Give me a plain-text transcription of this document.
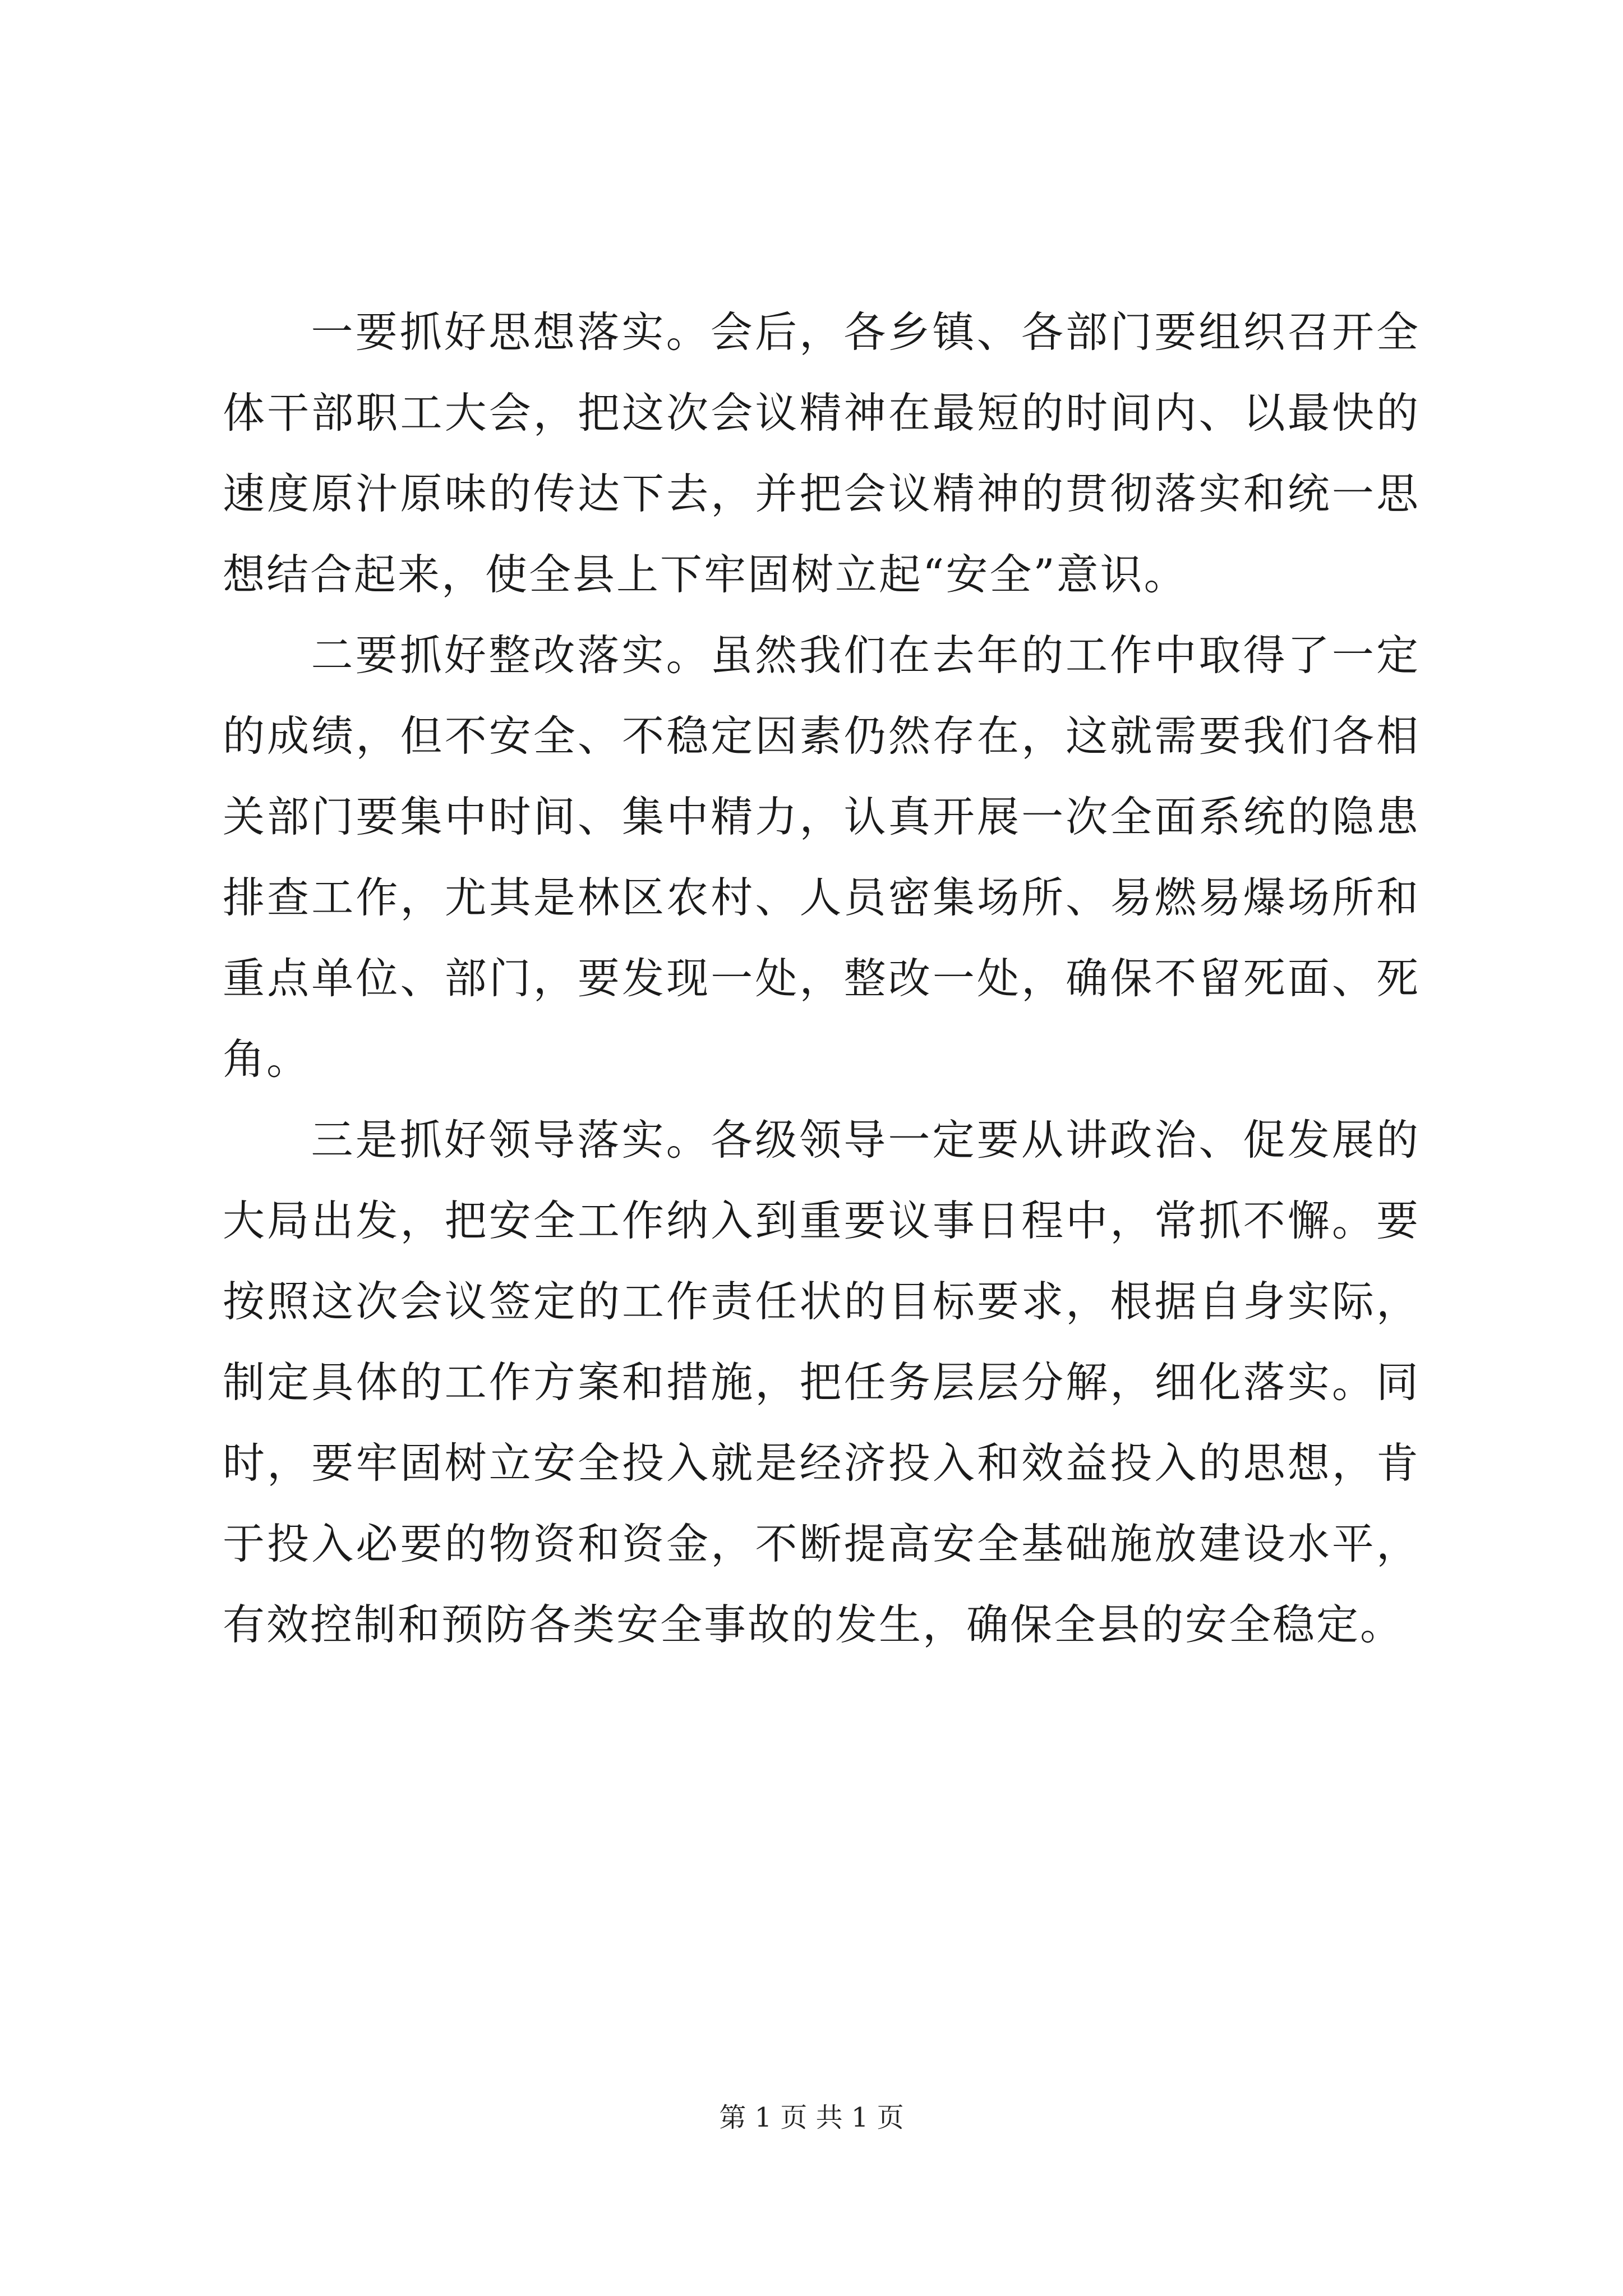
一要抓好思想落实。会后，各乡镇、各部门要组织召开全体干部职工大会，把这次会议精神在最短的时间内、以最快的速度原汁原味的传达下去，并把会议精神的贯彻落实和统一思想结合起来，使全县上下牢固树立起“安全”意识。

二要抓好整改落实。虽然我们在去年的工作中取得了一定的成绩，但不安全、不稳定因素仍然存在，这就需要我们各相关部门要集中时间、集中精力，认真开展一次全面系统的隐患排查工作，尤其是林区农村、人员密集场所、易燃易爆场所和重点单位、部门，要发现一处，整改一处，确保不留死面、死角。

三是抓好领导落实。各级领导一定要从讲政治、促发展的大局出发，把安全工作纳入到重要议事日程中，常抓不懈。要按照这次会议签定的工作责任状的目标要求，根据自身实际，制定具体的工作方案和措施，把任务层层分解，细化落实。同时，要牢固树立安全投入就是经济投入和效益投入的思想，肯于投入必要的物资和资金，不断提高安全基础施放建设水平，有效控制和预防各类安全事故的发生，确保全县的安全稳定。

第 1 页 共 1 页
